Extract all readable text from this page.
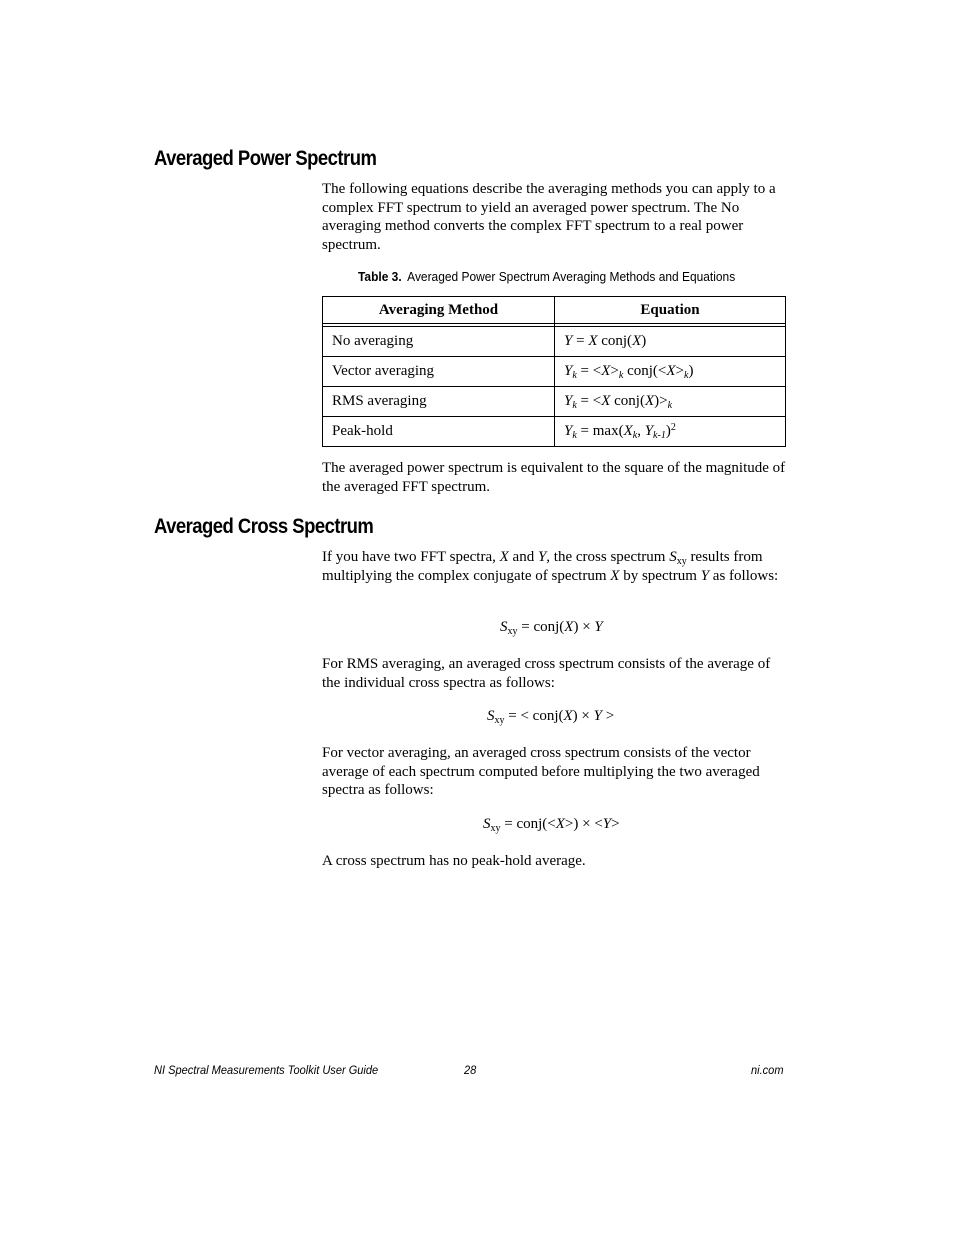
Averaged Power Spectrum

The following equations describe the averaging methods you can apply to a complex FFT spectrum to yield an averaged power spectrum. The No averaging method converts the complex FFT spectrum to a real power spectrum.

Table 3. Averaged Power Spectrum Averaging Methods and Equations
Averaging Method	Equation

No averaging	Y = X conj(X)
Vector averaging	$Y_k = <X>_k$ $conj(<X>_k)$
RMS averaging	$Y_k = <X$ $conj(X)>_k$
Peak-hold	$Y_k = \max(X_k$, $Y_{k-1})^2$

The averaged power spectrum is equivalent to the square of the magnitude of the averaged FFT spectrum.

Averaged Cross Spectrum

If you have two FFT spectra, X and Y, the cross spectrum $S_{xy}$ results from multiplying the complex conjugate of spectrum X by spectrum Y as follows:

$S_{xy}$ = conj(X) × Y

For RMS averaging, an averaged cross spectrum consists of the average of the individual cross spectra as follows:

$S_{xy}$ = < conj(X) × Y >

For vector averaging, an averaged cross spectrum consists of the vector average of each spectrum computed before multiplying the two averaged spectra as follows:

$S_{xy}$ = conj(<X>) × <Y>

A cross spectrum has no peak-hold average.

NI Spectral Measurements Toolkit User Guide	28	ni.com
